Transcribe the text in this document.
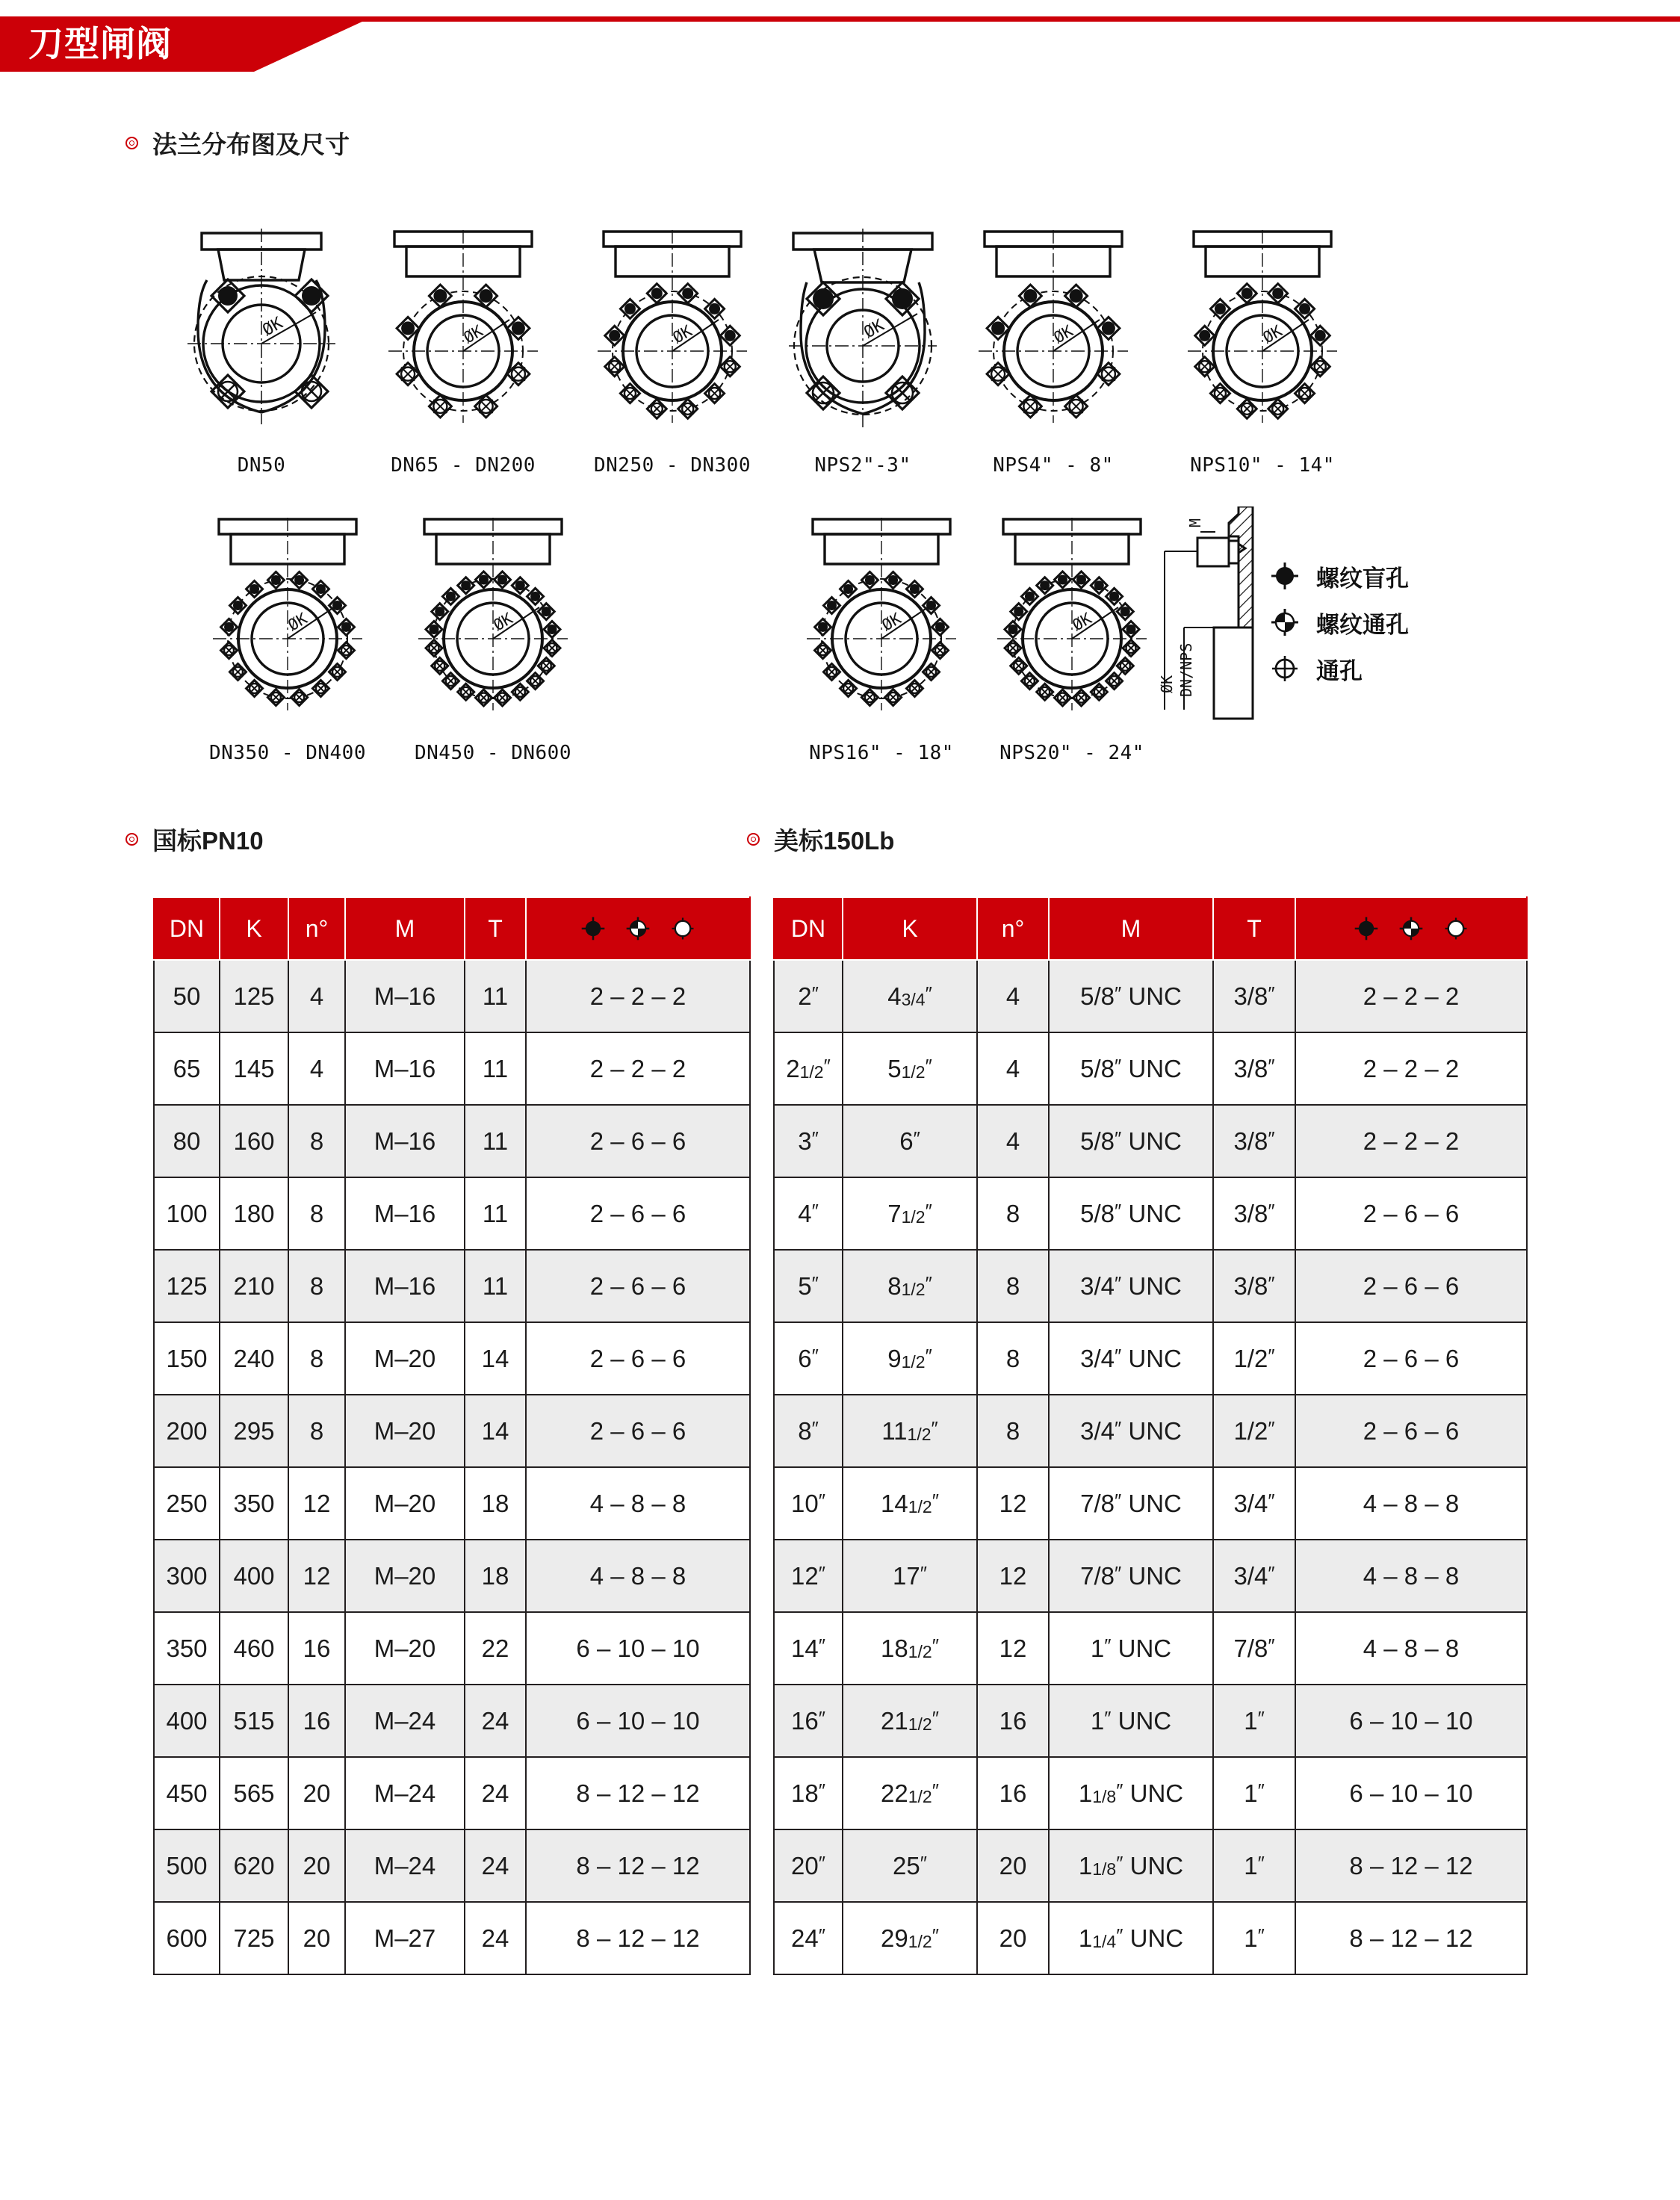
刀型闸阀
法兰分布图及尺寸
ØK
DN50
ØK
DN65 - DN200
ØK
DN250 - DN300
ØK
NPS2"-3"
ØK
NPS4" - 8"
ØK
NPS10" - 14"
ØK
DN350 - DN400
ØK
DN450 - DN600
ØK
NPS16" - 18"
ØK
NPS20" - 24"
ØK DN/NPS
M
螺纹盲孔
螺纹通孔
通孔
国标PN10	美标150Lb
DN	K	n°	M	T	

50	125	4	M–16	11	2 – 2 – 2
65	145	4	M–16	11	2 – 2 – 2
80	160	8	M–16	11	2 – 6 – 6
100	180	8	M–16	11	2 – 6 – 6
125	210	8	M–16	11	2 – 6 – 6
150	240	8	M–20	14	2 – 6 – 6
200	295	8	M–20	14	2 – 6 – 6
250	350	12	M–20	18	4 – 8 – 8
300	400	12	M–20	18	4 – 8 – 8
350	460	16	M–20	22	6 – 10 – 10
400	515	16	M–24	24	6 – 10 – 10
450	565	20	M–24	24	8 – 12 – 12
500	620	20	M–24	24	8 – 12 – 12
600	725	20	M–27	24	8 – 12 – 12
DN	K	n°	M	T	

2″	43/4″	4	5/8″ UNC	3/8″	2 – 2 – 2
21/2″	51/2″	4	5/8″ UNC	3/8″	2 – 2 – 2
3″	6″	4	5/8″ UNC	3/8″	2 – 2 – 2
4″	71/2″	8	5/8″ UNC	3/8″	2 – 6 – 6
5″	81/2″	8	3/4″ UNC	3/8″	2 – 6 – 6
6″	91/2″	8	3/4″ UNC	1/2″	2 – 6 – 6
8″	111/2″	8	3/4″ UNC	1/2″	2 – 6 – 6
10″	141/2″	12	7/8″ UNC	3/4″	4 – 8 – 8
12″	17″	12	7/8″ UNC	3/4″	4 – 8 – 8
14″	181/2″	12	1″ UNC	7/8″	4 – 8 – 8
16″	211/2″	16	1″ UNC	1″	6 – 10 – 10
18″	221/2″	16	11/8″ UNC	1″	6 – 10 – 10
20″	25″	20	11/8″ UNC	1″	8 – 12 – 12
24″	291/2″	20	11/4″ UNC	1″	8 – 12 – 12
